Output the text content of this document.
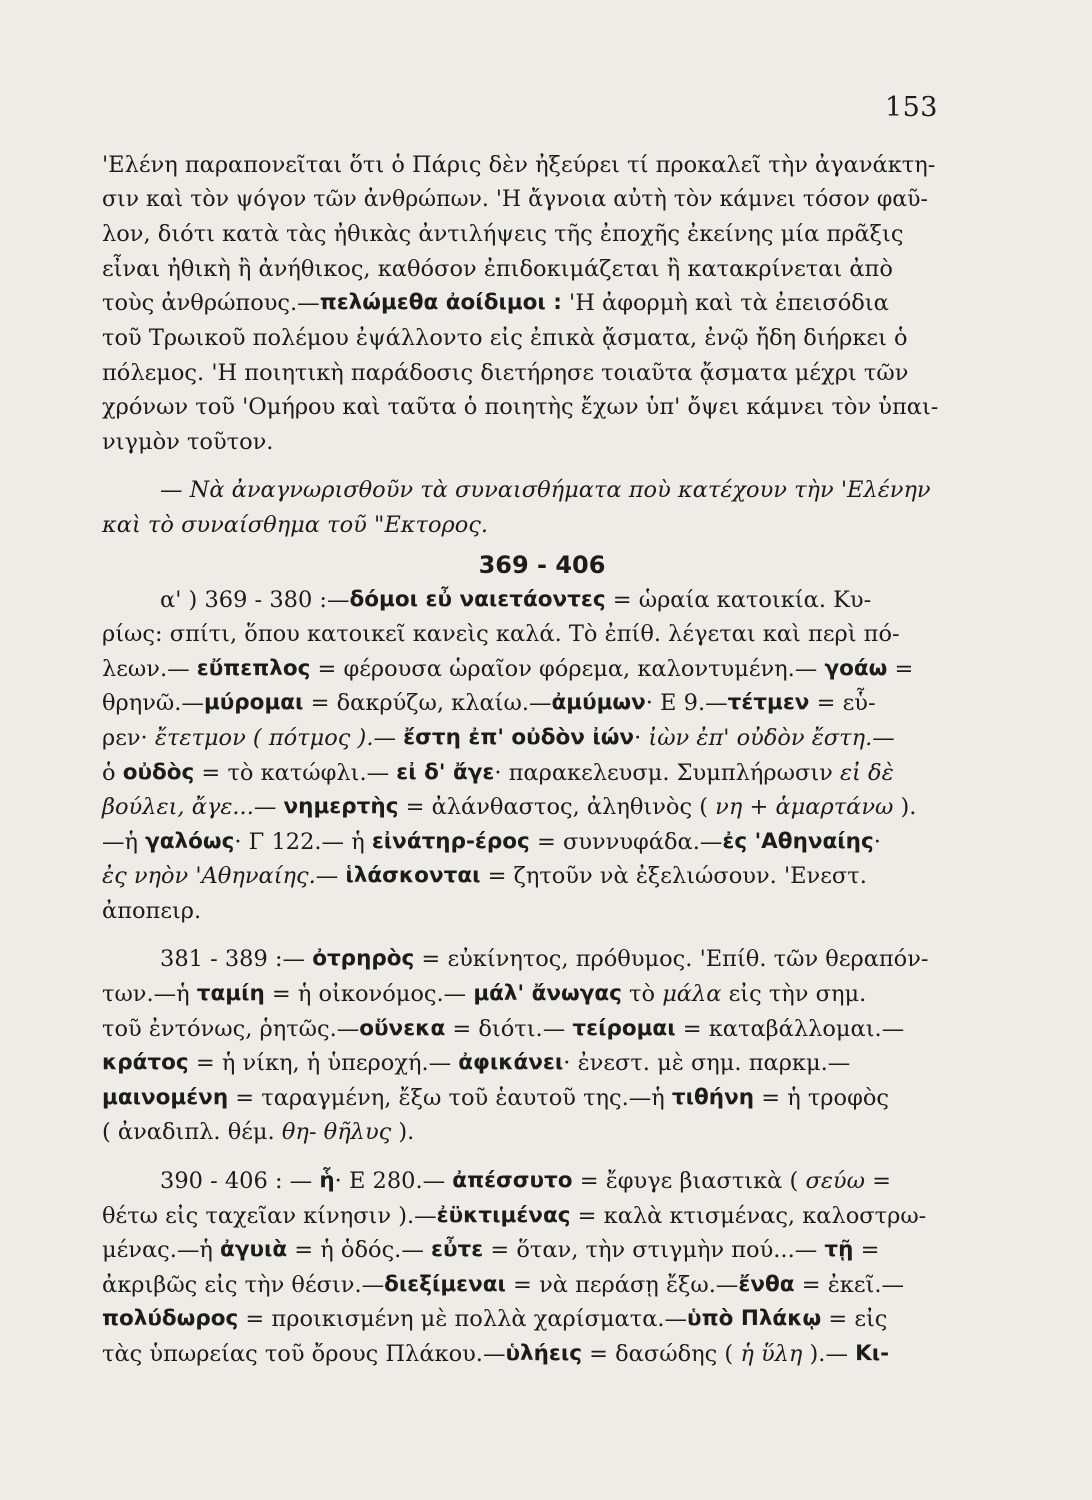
153
'Ελένη παραπονεῖται ὅτι ὁ Πάρις δὲν ἠξεύρει τί προκαλεῖ τὴν ἀγανάκτη-
σιν καὶ τὸν ψόγον τῶν ἀνθρώπων. 'Η ἄγνοια αὐτὴ τὸν κάμνει τόσον φαῦ-
λον, διότι κατὰ τὰς ἠθικὰς ἀντιλήψεις τῆς ἐποχῆς ἐκείνης μία πρᾶξις
εἶναι ἠθικὴ ἢ ἀνήθικος, καθόσον ἐπιδοκιμάζεται ἢ κατακρίνεται ἀπὸ
τοὺς ἀνθρώπους.— πελώμεθα ἀοίδιμοι : 'Η ἀφορμὴ καὶ τὰ ἐπεισόδια
τοῦ Τρωικοῦ πολέμου ἐψάλλοντο εἰς ἐπικὰ ᾄσματα, ἐνῷ ἤδη διήρκει ὁ
πόλεμος. 'Η ποιητικὴ παράδοσις διετήρησε τοιαῦτα ᾄσματα μέχρι τῶν
χρόνων τοῦ 'Ομήρου καὶ ταῦτα ὁ ποιητὴς ἔχων ὑπ' ὄψει κάμνει τὸν ὑπαι-
νιγμὸν τοῦτον.
— Νὰ ἀναγνωρισθοῦν τὰ συναισθήματα ποὺ κατέχουν τὴν 'Ελένην
καὶ τὸ συναίσθημα τοῦ "Εκτορος.
369 - 406
α' ) 369 - 380 :— δόμοι εὖ ναιετάοντες = ὡραία κατοικία. Κυ-
ρίως: σπίτι, ὅπου κατοικεῖ κανεὶς καλά. Τὸ ἐπίθ. λέγεται καὶ περὶ πό-
λεων.— εὔπεπλος = φέρουσα ὡραῖον φόρεμα, καλοντυμένη.— γοάω =
θρηνῶ.— μύρομαι = δακρύζω, κλαίω.— ἀμύμων · Ε 9.— τέτμεν = εὗ-
ρεν· ἔτετμον ( πότμος ). — ἔστη ἐπ' οὐδὸν ἰών · ἰὼν ἐπ' οὐδὸν ἔστη. —
ὁ οὐδὸς = τὸ κατώφλι.— εἰ δ' ἄγε · παρακελευσμ. Συμπλήρωσιν εἰ δὲ
βούλει, ἄγε... — νημερτὴς = ἀλάνθαστος, ἀληθινὸς ( νη + ἁμαρτάνω ).
—ἡ γαλόως · Γ 122.— ἡ εἰνάτηρ-έρος = συννυφάδα.— ἐς 'Αθηναίης ·
ἐς νηὸν 'Αθηναίης. — ἱλάσκονται = ζητοῦν νὰ ἐξελιώσουν. 'Ενεστ.
ἀποπειρ.
381 - 389 :— ὀτρηρὸς = εὐκίνητος, πρόθυμος. 'Επίθ. τῶν θεραπόν-
των.—ἡ ταμίη = ἡ οἰκονόμος.— μάλ' ἄνωγας τὸ μάλα εἰς τὴν σημ.
τοῦ ἐντόνως, ῥητῶς.— οὕνεκα = διότι.— τείρομαι = καταβάλλομαι.—
κράτος = ἡ νίκη, ἡ ὑπεροχή.— ἀφικάνει · ἐνεστ. μὲ σημ. παρκμ.—
μαινομένη = ταραγμένη, ἔξω τοῦ ἑαυτοῦ της.—ἡ τιθήνη = ἡ τροφὸς
( ἀναδιπλ. θέμ. θη - θῆλυς ).
390 - 406 : — ἧ · Ε 280.— ἀπέσσυτο = ἔφυγε βιαστικὰ ( σεύω =
θέτω εἰς ταχεῖαν κίνησιν ).— ἐϋκτιμένας = καλὰ κτισμένας, καλοστρω-
μένας.—ἡ ἀγυιὰ = ἡ ὁδός.— εὖτε = ὅταν, τὴν στιγμὴν πού...— τῇ =
ἀκριβῶς εἰς τὴν θέσιν.— διεξίμεναι = νὰ περάσῃ ἔξω.— ἔνθα = ἐκεῖ.—
πολύδωρος = προικισμένη μὲ πολλὰ χαρίσματα.— ὑπὸ Πλάκῳ = εἰς
τὰς ὑπωρείας τοῦ ὄρους Πλάκου.— ὑλήεις = δασώδης ( ἡ ὕλη ).— Κι-
